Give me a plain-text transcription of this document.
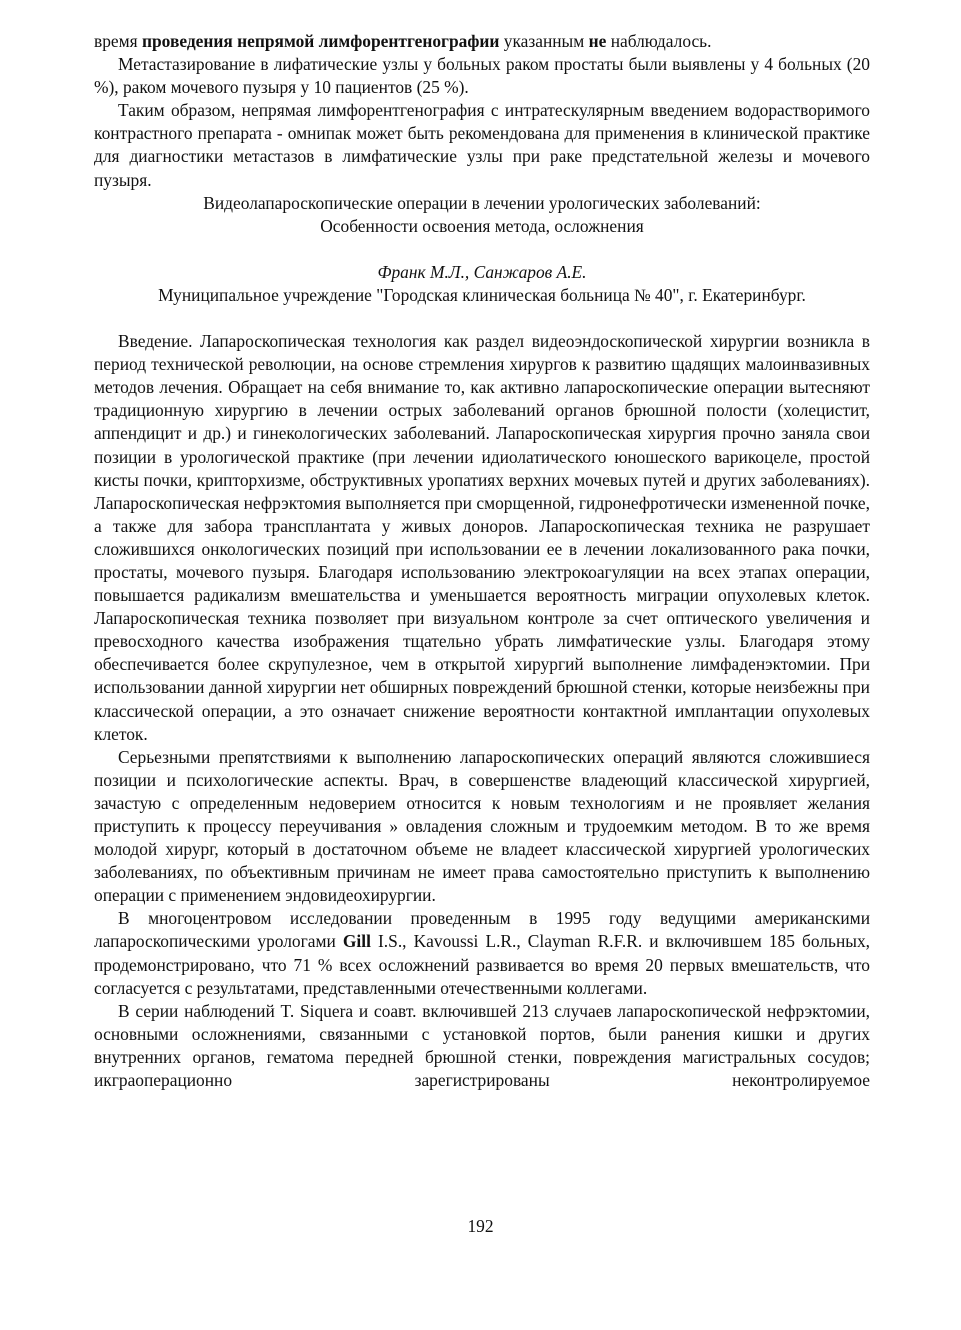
время проведения непрямой лимфорентгенографии указанным не наблюдалось.

Метастазирование в лифатические узлы у больных раком простаты были выявлены у 4 больных (20 %), раком мочевого пузыря у 10 пациентов (25 %).

Таким образом, непрямая лимфорентгенография с интратескулярным введением водорастворимого контрастного препарата - омнипак может быть рекомендована для применения в клинической практике для диагностики метастазов в лимфатические узлы при раке предстательной железы и мочевого пузыря.

Видеолапароскопические операции в лечении урологических заболеваний:

Особенности освоения метода, осложнения

Франк М.Л., Санжаров А.Е.

Муниципальное учреждение "Городская клиническая больница № 40", г. Екатеринбург.

Введение. Лапароскопическая технология как раздел видеоэндоскопической хирургии возникла в период технической революции, на основе стремления хирургов к развитию щадящих малоинвазивных методов лечения. Обращает на себя внимание то, как активно лапароскопические операции вытесняют традиционную хирургию в лечении острых заболеваний органов брюшной полости (холецистит, аппендицит и др.) и гинекологических заболеваний. Лапароскопическая хирургия прочно заняла свои позиции в урологической практике (при лечении идиолатического юношеского варикоцеле, простой кисты почки, крипторхизме, обструктивных уропатиях верхних мочевых путей и других заболеваниях). Лапароскопическая нефрэктомия выполняется при сморщенной, гидронефротически измененной почке, а также для забора трансплантата у живых доноров. Лапароскопическая техника не разрушает сложившихся онкологических позиций при использовании ее в лечении локализованного рака почки, простаты, мочевого пузыря. Благодаря использованию электрокоагуляции на всех этапах операции, повышается радикализм вмешательства и уменьшается вероятность миграции опухолевых клеток. Лапароскопическая техника позволяет при визуальном контроле за счет оптического увеличения и превосходного качества изображения тщательно убрать лимфатические узлы. Благодаря этому обеспечивается более скрупулезное, чем в открытой хирургий выполнение лимфаденэктомии. При использовании данной хирургии нет обширных повреждений брюшной стенки, которые неизбежны при классической операции, а это означает снижение вероятности контактной имплантации опухолевых клеток.

Серьезными препятствиями к выполнению лапароскопических операций являются сложившиеся позиции и психологические аспекты. Врач, в совершенстве владеющий классической хирургией, зачастую с определенным недоверием относится к новым технологиям и не проявляет желания приступить к процессу переучивания » овладения сложным и трудоемким методом. В то же время молодой хирург, который в достаточном объеме не владеет классической хирургией урологических заболеваниях, по объективным причинам не имеет права самостоятельно приступить к выполнению операции с применением эндовидеохирургии.

В многоцентровом исследовании проведенным в 1995 году ведущими американскими лапароскопическими урологами Gill I.S., Kavoussi L.R., Clayman R.F.R. и включившем 185 больных, продемонстрировано, что 71 % всех осложнений развивается во время 20 первых вмешательств, что согласуется с результатами, представленными отечественными коллегами.

В серии наблюдений T. Siquera и соавт. включившей 213 случаев лапароскопической нефрэктомии, основными осложнениями, связанными с установкой портов, были ранения кишки и других внутренних органов, гематома передней брюшной стенки, повреждения магистральных сосудов; икграоперационно зарегистрированы неконтролируемое

192
